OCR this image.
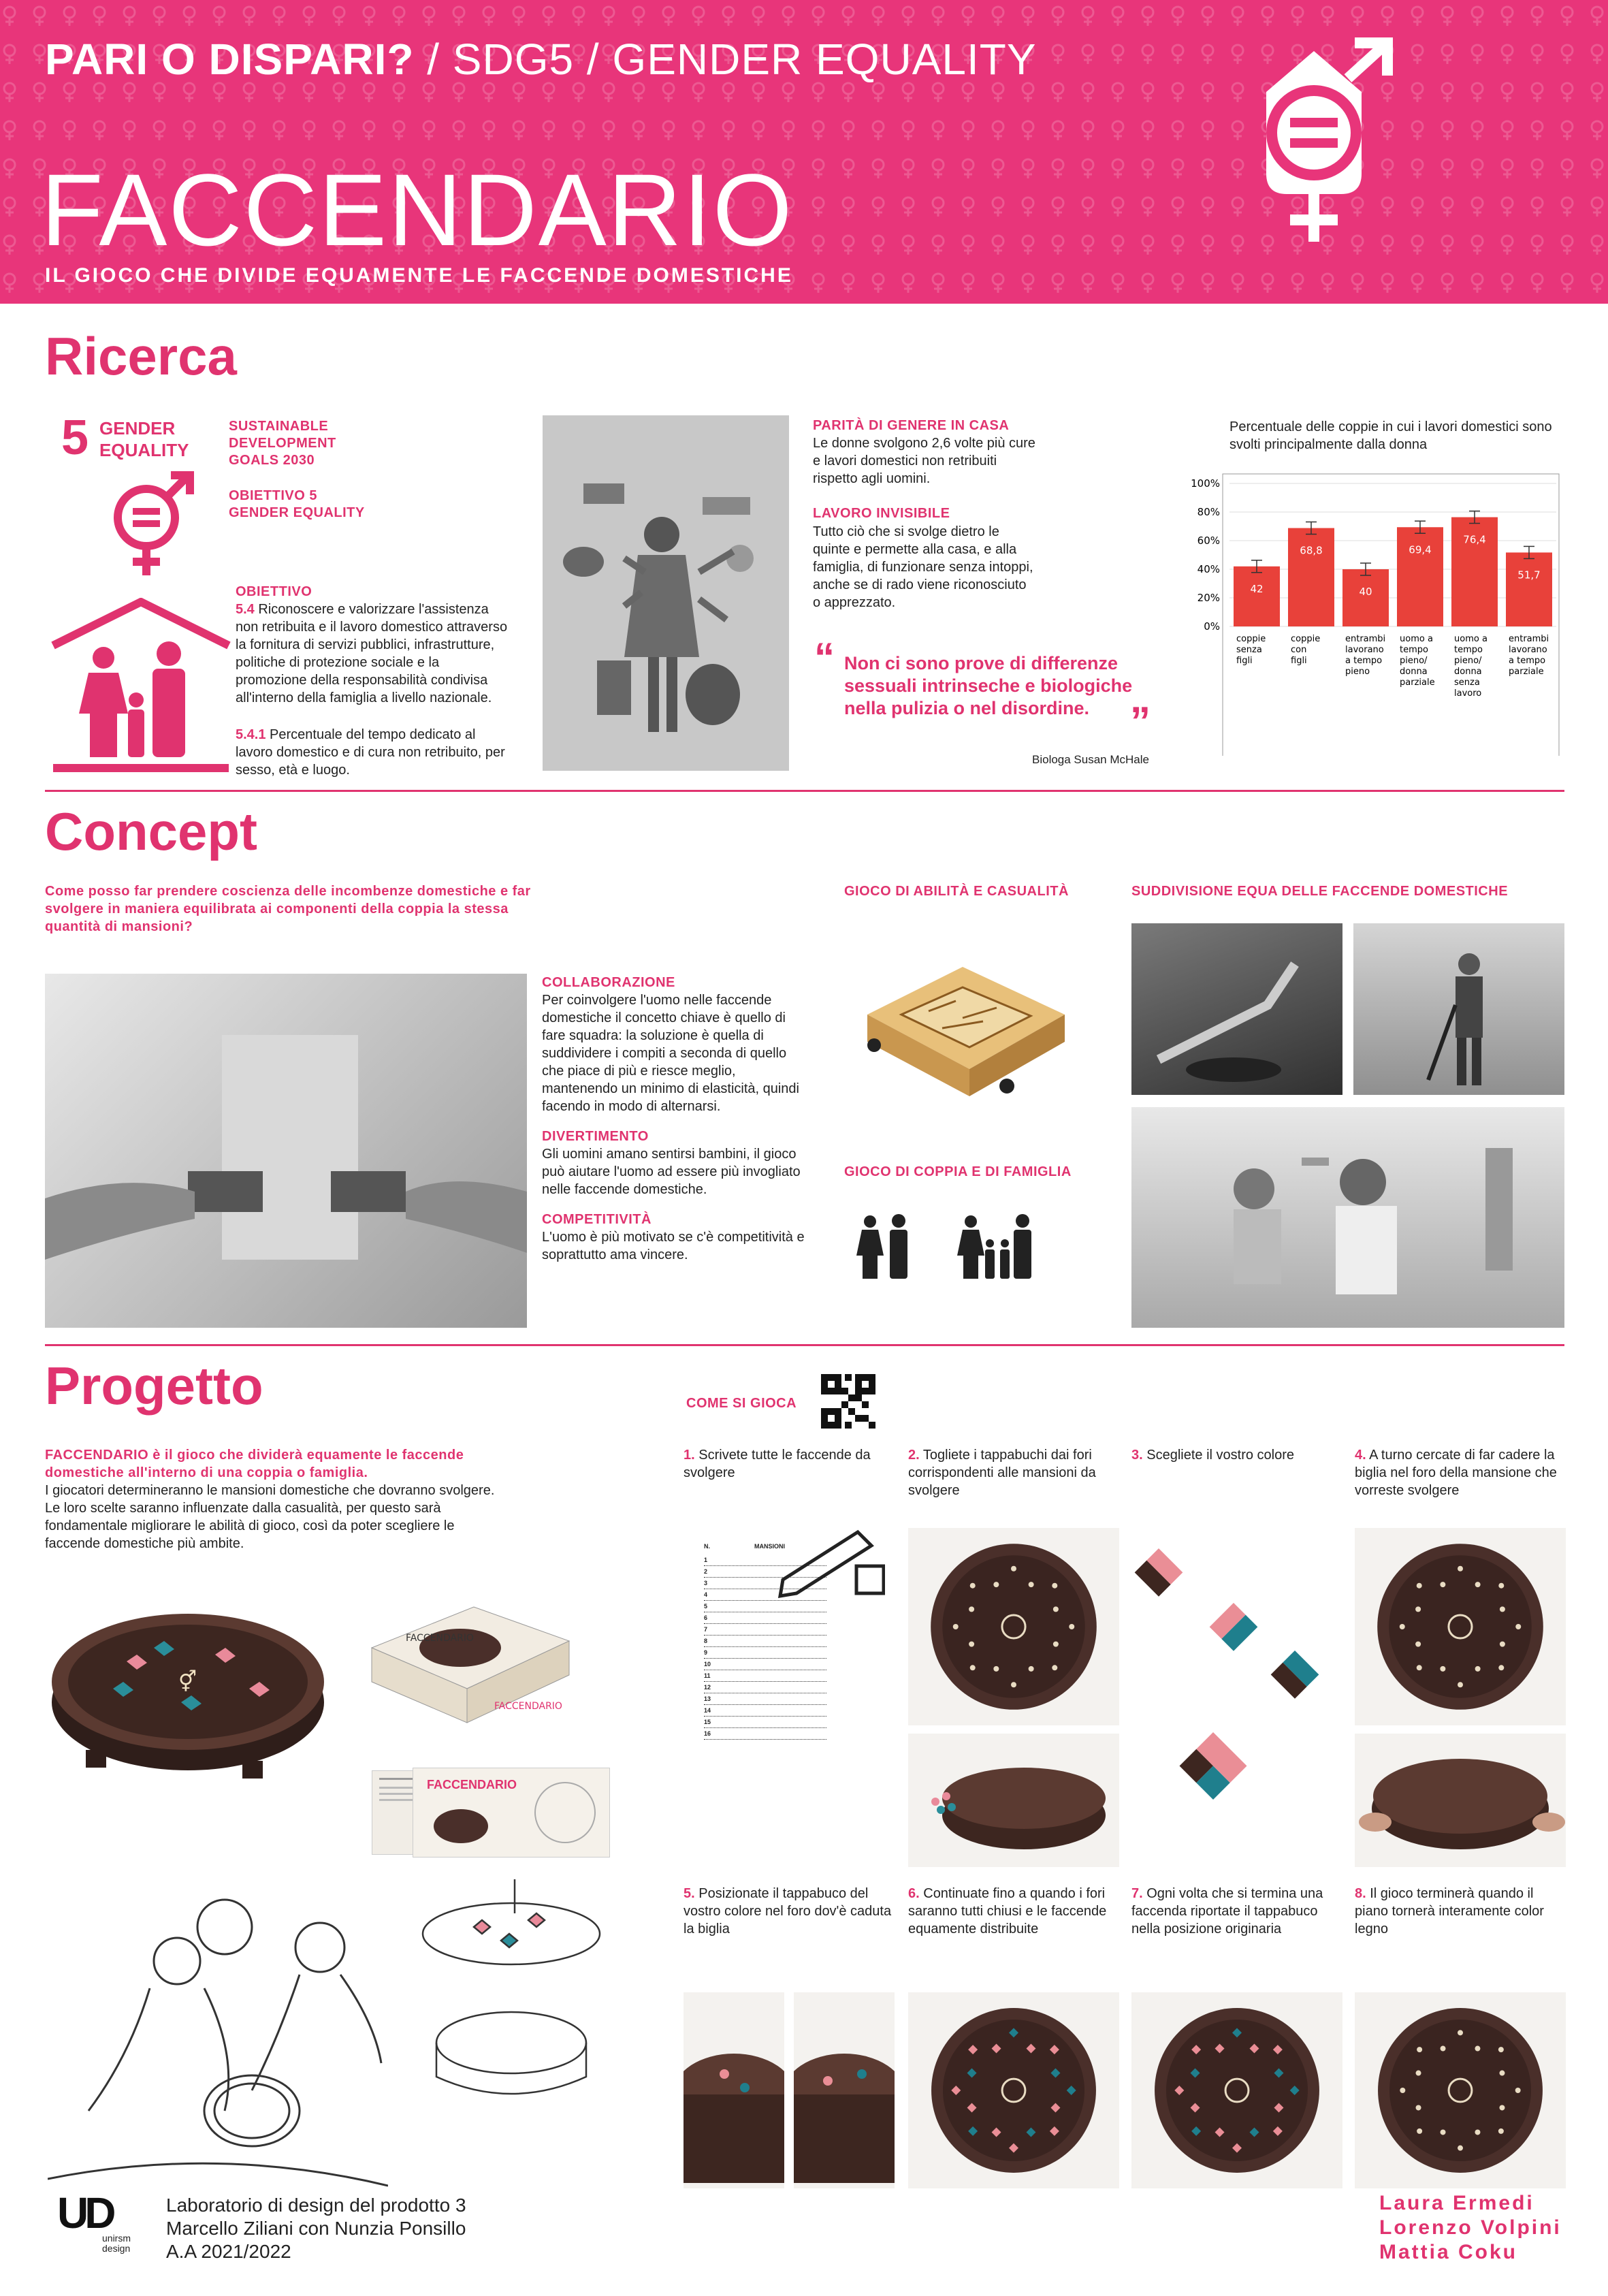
PARI O DISPARI? / SDG5 / GENDER EQUALITY
FACCENDARIO
IL GIOCO CHE DIVIDE EQUAMENTE LE FACCENDE DOMESTICHE
Ricerca
5 GENDER
EQUALITY
SUSTAINABLE DEVELOPMENT GOALS 2030
OBIETTIVO 5 GENDER EQUALITY
OBIETTIVO
5.4 Riconoscere e valorizzare l'assistenza non retribuita e il lavoro domestico attraverso la fornitura di servizi pubblici, infrastrutture, politiche di protezione sociale e la promozione della responsabilità condivisa all'interno della famiglia a livello nazionale.
5.4.1 Percentuale del tempo dedicato al lavoro domestico e di cura non retribuito, per sesso, età e luogo.
PARITÀ DI GENERE IN CASA
Le donne svolgono 2,6 volte più cure e lavori domestici non retribuiti rispetto agli uomini.
LAVORO INVISIBILE
Tutto ciò che si svolge dietro le quinte e permette alla casa, e alla famiglia, di funzionare senza intoppi, anche se di rado viene riconosciuto o apprezzato.
“ Non ci sono prove di differenze sessuali intrinseche e biologiche nella pulizia o nel disordine. ”
Biologa Susan McHale
Percentuale delle coppie in cui i lavori domestici sono svolti principalmente dalla donna
0%
20%
40%
60%
80%
100%
42
coppie senza figli
68,8
coppie con figli
40
entrambi lavorano a tempo pieno
69,4
uomo a tempo pieno/ donna parziale
76,4
uomo a tempo pieno/ donna senza lavoro
51,7
entrambi lavorano a tempo parziale
Concept
Come posso far prendere coscienza delle incombenze domestiche e far svolgere in maniera equilibrata ai componenti della coppia la stessa quantità di mansioni?
COLLABORAZIONE
Per coinvolgere l'uomo nelle faccende domestiche il concetto chiave è quello di fare squadra: la soluzione è quella di suddividere i compiti a seconda di quello che piace di più e riesce meglio, mantenendo un minimo di elasticità, quindi facendo in modo di alternarsi.
DIVERTIMENTO
Gli uomini amano sentirsi bambini, il gioco può aiutare l'uomo ad essere più invogliato nelle faccende domestiche.
COMPETITIVITÀ
L'uomo è più motivato se c'è competitività e soprattutto ama vincere.
GIOCO DI ABILITÀ E CASUALITÀ
GIOCO DI COPPIA E DI FAMIGLIA
SUDDIVISIONE EQUA DELLE FACCENDE DOMESTICHE
Progetto	COME SI GIOCA
FACCENDARIO è il gioco che dividerà equamente le faccende domestiche all'interno di una coppia o famiglia.
I giocatori determineranno le mansioni domestiche che dovranno svolgere. Le loro scelte saranno influenzate dalla casualità, per questo sarà fondamentale migliorare le abilità di gioco, così da poter scegliere le faccende domestiche più ambite.
⚥
FACCENDARIO
FACCENDARIO
FACCENDARIO
1. Scrivete tutte le faccende da svolgere
2. Togliete i tappabuchi dai fori corrispondenti alle mansioni da svolgere
3. Scegliete il vostro colore	4. A turno cercate di far cadere la biglia nel foro della mansione che vorreste svolgere
N.	MANSIONI
1
2
3
4
5
6
7
8
9
10
11
12
13
14
15
16
5. Posizionate il tappabuco del vostro colore nel foro dov'è caduta la biglia
6. Continuate fino a quando i fori saranno tutti chiusi e le faccende equamente distribuite
7. Ogni volta che si termina una faccenda riportate il tappabuco nella posizione originaria
8. Il gioco terminerà quando il piano tornerà interamente color legno
UD
unirsm design
Laboratorio di design del prodotto 3
Marcello Ziliani con Nunzia Ponsillo
A.A 2021/2022
Laura Ermedi
Lorenzo Volpini
Mattia Coku
